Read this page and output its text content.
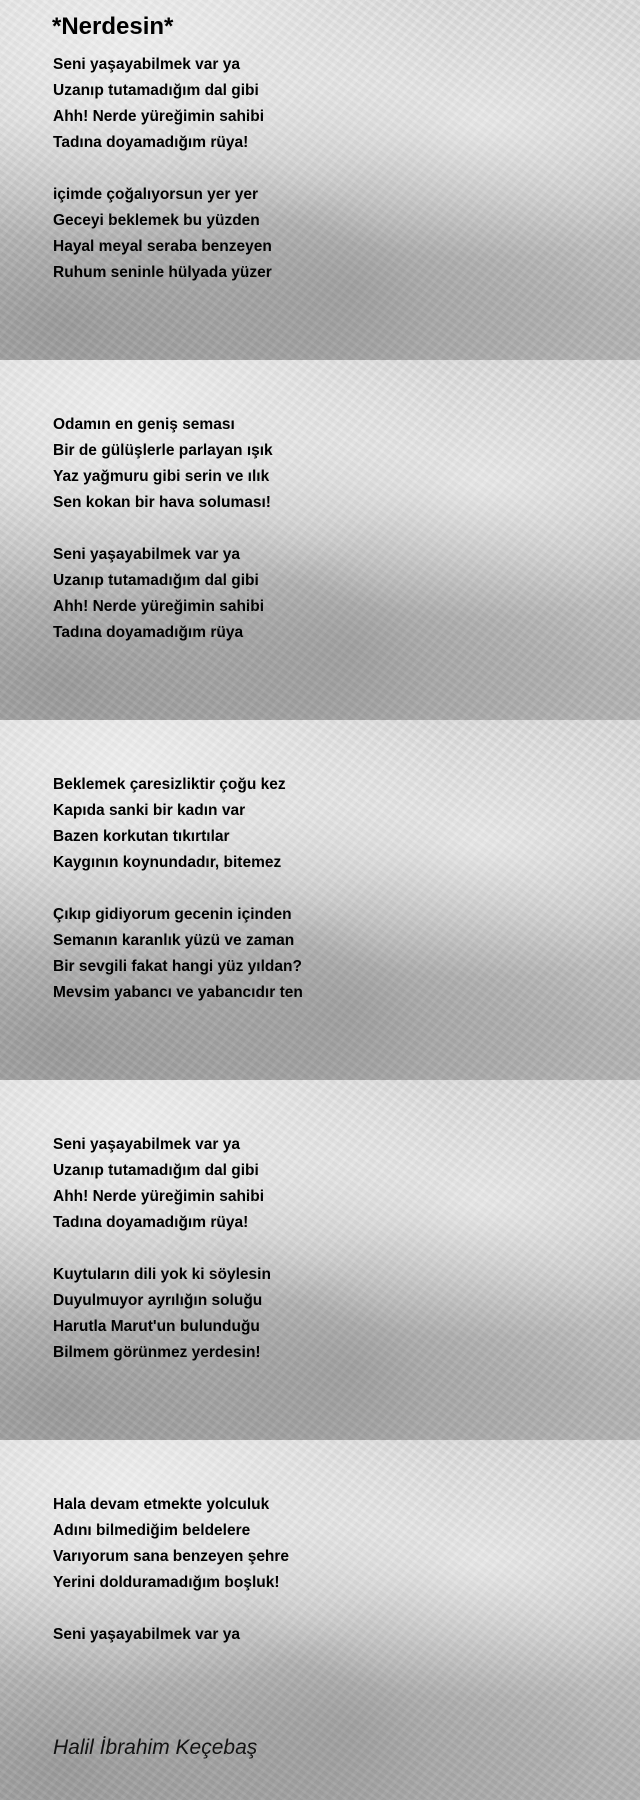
*Nerdesin*

Seni yaşayabilmek var ya
Uzanıp tutamadığım dal gibi
Ahh! Nerde yüreğimin sahibi
Tadına doyamadığım rüya!

içimde çoğalıyorsun yer yer
Geceyi beklemek bu yüzden
Hayal meyal seraba benzeyen
Ruhum seninle hülyada yüzer

Odamın en geniş seması
Bir de gülüşlerle parlayan ışık
Yaz yağmuru gibi serin ve ılık
Sen kokan bir hava soluması!

Seni yaşayabilmek var ya
Uzanıp tutamadığım dal gibi
Ahh! Nerde yüreğimin sahibi
Tadına doyamadığım rüya

Beklemek çaresizliktir çoğu kez
Kapıda sanki bir kadın var
Bazen korkutan tıkırtılar
Kaygının koynundadır, bitemez

Çıkıp gidiyorum gecenin içinden
Semanın karanlık yüzü ve zaman
Bir sevgili fakat hangi yüz yıldan?
Mevsim yabancı ve yabancıdır ten

Seni yaşayabilmek var ya
Uzanıp tutamadığım dal gibi
Ahh! Nerde yüreğimin sahibi
Tadına doyamadığım rüya!

Kuytuların dili yok ki söylesin
Duyulmuyor ayrılığın soluğu
Harutla Marut'un bulunduğu
Bilmem görünmez yerdesin!

Hala devam etmekte yolculuk
Adını bilmediğim beldelere
Varıyorum sana benzeyen şehre
Yerini dolduramadığım boşluk!

Seni yaşayabilmek var ya

Halil İbrahim Keçebaş
